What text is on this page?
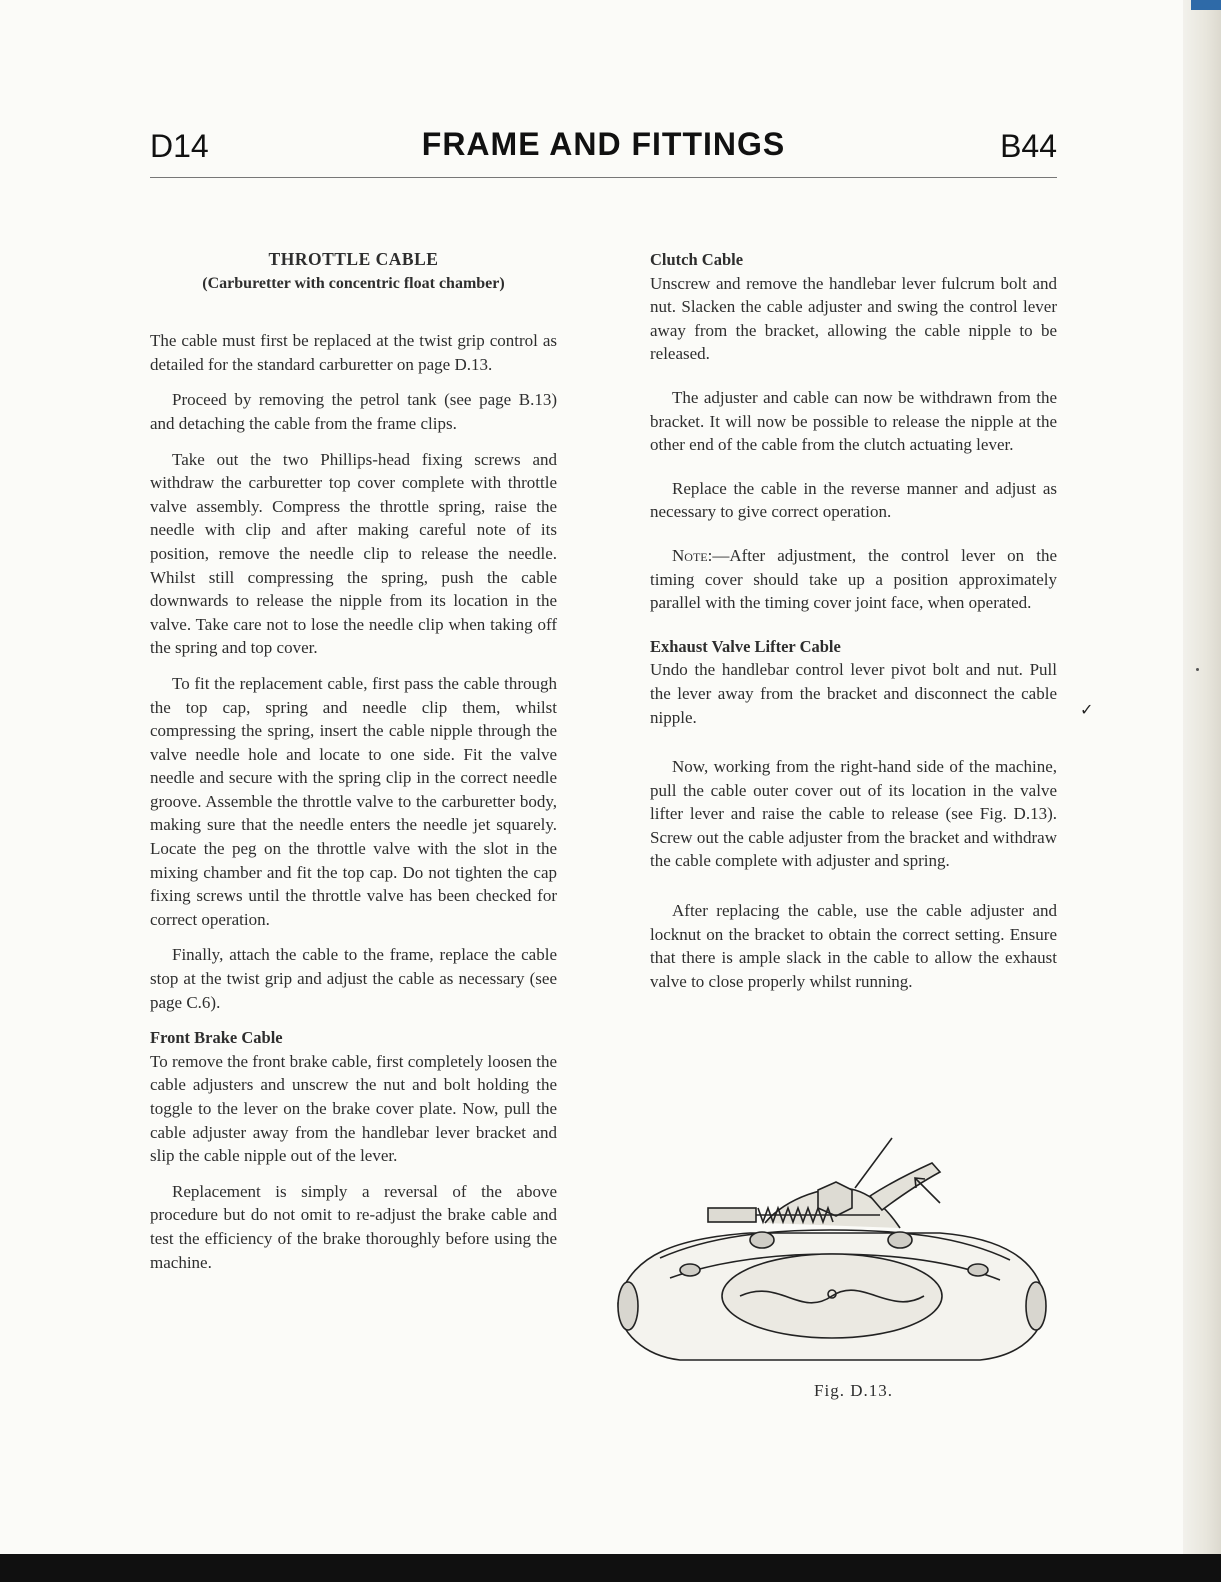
D14	FRAME AND FITTINGS	B44
THROTTLE CABLE
(Carburetter with concentric float chamber)

The cable must first be replaced at the twist grip control as detailed for the standard carburetter on page D.13.

Proceed by removing the petrol tank (see page B.13) and detaching the cable from the frame clips.

Take out the two Phillips-head fixing screws and withdraw the carburetter top cover complete with throttle valve assembly. Compress the throttle spring, raise the needle with clip and after making careful note of its position, remove the needle clip to release the needle. Whilst still compressing the spring, push the cable downwards to release the nipple from its location in the valve. Take care not to lose the needle clip when taking off the spring and top cover.

To fit the replacement cable, first pass the cable through the top cap, spring and needle clip them, whilst compressing the spring, insert the cable nipple through the valve needle hole and locate to one side. Fit the valve needle and secure with the spring clip in the correct needle groove. Assemble the throttle valve to the carburetter body, making sure that the needle enters the needle jet squarely. Locate the peg on the throttle valve with the slot in the mixing chamber and fit the top cap. Do not tighten the cap fixing screws until the throttle valve has been checked for correct operation.

Finally, attach the cable to the frame, replace the cable stop at the twist grip and adjust the cable as necessary (see page C.6).

Front Brake Cable

To remove the front brake cable, first completely loosen the cable adjusters and unscrew the nut and bolt holding the toggle to the lever on the brake cover plate. Now, pull the cable adjuster away from the handlebar lever bracket and slip the cable nipple out of the lever.

Replacement is simply a reversal of the above procedure but do not omit to re-adjust the brake cable and test the efficiency of the brake thoroughly before using the machine.

Clutch Cable

Unscrew and remove the handlebar lever fulcrum bolt and nut. Slacken the cable adjuster and swing the control lever away from the bracket, allowing the cable nipple to be released.

The adjuster and cable can now be withdrawn from the bracket. It will now be possible to release the nipple at the other end of the cable from the clutch actuating lever.

Replace the cable in the reverse manner and adjust as necessary to give correct operation.

Note:—After adjustment, the control lever on the timing cover should take up a position approximately parallel with the timing cover joint face, when operated.

Exhaust Valve Lifter Cable

Undo the handlebar control lever pivot bolt and nut. Pull the lever away from the bracket and disconnect the cable nipple.

Now, working from the right-hand side of the machine, pull the cable outer cover out of its location in the valve lifter lever and raise the cable to release (see Fig. D.13). Screw out the cable adjuster from the bracket and withdraw the cable complete with adjuster and spring.

After replacing the cable, use the cable adjuster and locknut on the bracket to obtain the correct setting. Ensure that there is ample slack in the cable to allow the exhaust valve to close properly whilst running.

Fig. D.13.
✓
